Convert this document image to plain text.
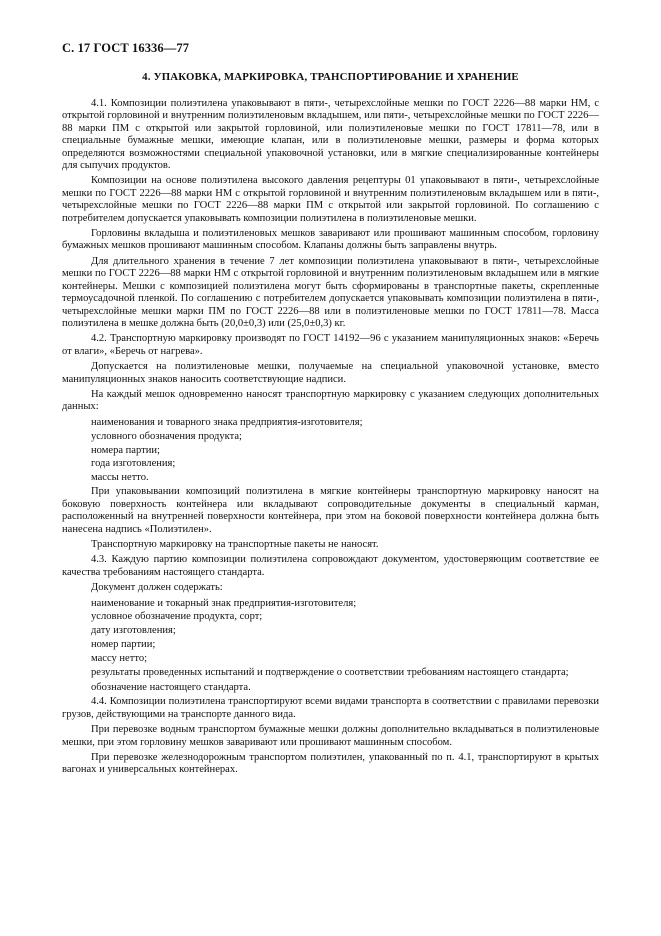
С. 17 ГОСТ 16336—77
4. УПАКОВКА, МАРКИРОВКА, ТРАНСПОРТИРОВАНИЕ И ХРАНЕНИЕ

4.1. Композиции полиэтилена упаковывают в пяти-, четырехслойные мешки по ГОСТ 2226—88 марки НМ, с открытой горловиной и внутренним полиэтиленовым вкладышем, или пяти-, четырехслойные мешки по ГОСТ 2226—88 марки ПМ с открытой или закрытой горловиной, или полиэтиленовые мешки по ГОСТ 17811—78, или в специальные бумажные мешки, имеющие клапан, или в полиэтиленовые мешки, размеры и форма которых определяются возможностями специальной упаковочной установки, или в мягкие специализированные контейнеры для сыпучих продуктов.

Композиции на основе полиэтилена высокого давления рецептуры 01 упаковывают в пяти-, четырехслойные мешки по ГОСТ 2226—88 марки НМ с открытой горловиной и внутренним полиэтиленовым вкладышем или в пяти-, четырехслойные мешки по ГОСТ 2226—88 марки ПМ с открытой или закрытой горловиной. По соглашению с потребителем допускается упаковывать композиции полиэтилена в полиэтиленовые мешки.

Горловины вкладыша и полиэтиленовых мешков заваривают или прошивают машинным способом, горловину бумажных мешков прошивают машинным способом. Клапаны должны быть заправлены внутрь.

Для длительного хранения в течение 7 лет композиции полиэтилена упаковывают в пяти-, четырехслойные мешки по ГОСТ 2226—88 марки НМ с открытой горловиной и внутренним полиэтиленовым вкладышем или в мягкие контейнеры. Мешки с композицией полиэтилена могут быть сформированы в транспортные пакеты, скрепленные термоусадочной пленкой. По соглашению с потребителем допускается упаковывать композиции полиэтилена в пяти-, четырехслойные мешки марки ПМ по ГОСТ 2226—88 или в полиэтиленовые мешки по ГОСТ 17811—78. Масса полиэтилена в мешке должна быть (20,0±0,3) или (25,0±0,3) кг.

4.2. Транспортную маркировку производят по ГОСТ 14192—96 с указанием манипуляционных знаков: «Беречь от влаги», «Беречь от нагрева».

Допускается на полиэтиленовые мешки, получаемые на специальной упаковочной установке, вместо манипуляционных знаков наносить соответствующие надписи.

На каждый мешок одновременно наносят транспортную маркировку с указанием следующих дополнительных данных:

наименования и товарного знака предприятия-изготовителя;

условного обозначения продукта;

номера партии;

года изготовления;

массы нетто.

При упаковывании композиций полиэтилена в мягкие контейнеры транспортную маркировку наносят на боковую поверхность контейнера или вкладывают сопроводительные документы в специальный карман, расположенный на внутренней поверхности контейнера, при этом на боковой поверхности контейнера должна быть нанесена надпись «Полиэтилен».

Транспортную маркировку на транспортные пакеты не наносят.

4.3. Каждую партию композиции полиэтилена сопровождают документом, удостоверяющим соответствие ее качества требованиям настоящего стандарта.

Документ должен содержать:

наименование и токарный знак предприятия-изготовителя;

условное обозначение продукта, сорт;

дату изготовления;

номер партии;

массу нетто;

результаты проведенных испытаний и подтверждение о соответствии требованиям настоящего стандарта;

обозначение настоящего стандарта.

4.4. Композиции полиэтилена транспортируют всеми видами транспорта в соответствии с правилами перевозки грузов, действующими на транспорте данного вида.

При перевозке водным транспортом бумажные мешки должны дополнительно вкладываться в полиэтиленовые мешки, при этом горловину мешков заваривают или прошивают машинным способом.

При перевозке железнодорожным транспортом полиэтилен, упакованный по п. 4.1, транспортируют в крытых вагонах и универсальных контейнерах.
